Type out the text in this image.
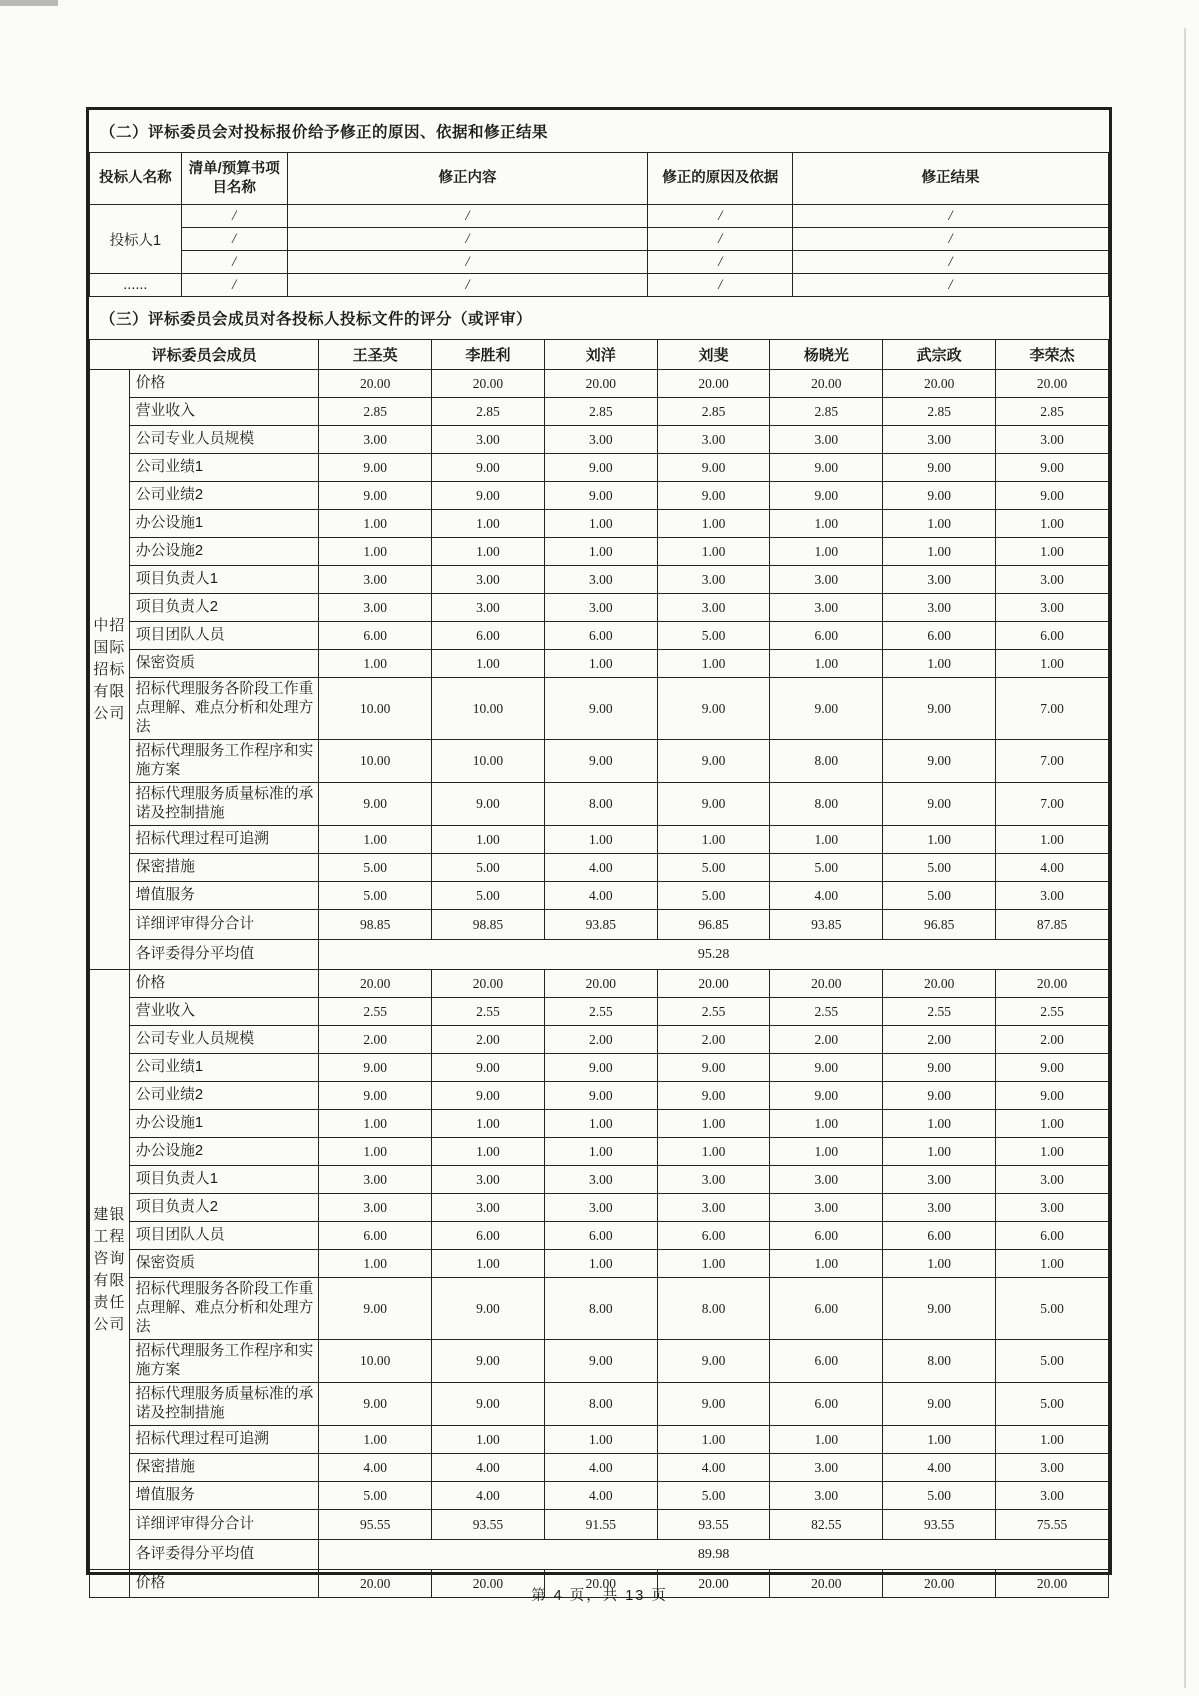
（二）评标委员会对投标报价给予修正的原因、依据和修正结果
投标人名称	清单/预算书项目名称	修正内容	修正的原因及依据	修正结果
投标人1	/	/	/	/
	/	/	/	/
	/	/	/	/
......	/	/	/	/
（三）评标委员会成员对各投标人投标文件的评分（或评审）
评标委员会成员		王圣英	李胜利	刘洋	刘斐	杨晓光	武宗政	李荣杰
中招国际招标有限公司	价格	20.00	20.00	20.00	20.00	20.00	20.00	20.00
	营业收入	2.85	2.85	2.85	2.85	2.85	2.85	2.85
	公司专业人员规模	3.00	3.00	3.00	3.00	3.00	3.00	3.00
	公司业绩1	9.00	9.00	9.00	9.00	9.00	9.00	9.00
	公司业绩2	9.00	9.00	9.00	9.00	9.00	9.00	9.00
	办公设施1	1.00	1.00	1.00	1.00	1.00	1.00	1.00
	办公设施2	1.00	1.00	1.00	1.00	1.00	1.00	1.00
	项目负责人1	3.00	3.00	3.00	3.00	3.00	3.00	3.00
	项目负责人2	3.00	3.00	3.00	3.00	3.00	3.00	3.00
	项目团队人员	6.00	6.00	6.00	5.00	6.00	6.00	6.00
	保密资质	1.00	1.00	1.00	1.00	1.00	1.00	1.00
	招标代理服务各阶段工作重点理解、难点分析和处理方法	10.00	10.00	9.00	9.00	9.00	9.00	7.00
	招标代理服务工作程序和实施方案	10.00	10.00	9.00	9.00	8.00	9.00	7.00
	招标代理服务质量标准的承诺及控制措施	9.00	9.00	8.00	9.00	8.00	9.00	7.00
	招标代理过程可追溯	1.00	1.00	1.00	1.00	1.00	1.00	1.00
	保密措施	5.00	5.00	4.00	5.00	5.00	5.00	4.00
	增值服务	5.00	5.00	4.00	5.00	4.00	5.00	3.00
	详细评审得分合计	98.85	98.85	93.85	96.85	93.85	96.85	87.85
	各评委得分平均值	95.28						
建银工程咨询有限责任公司	价格	20.00	20.00	20.00	20.00	20.00	20.00	20.00
	营业收入	2.55	2.55	2.55	2.55	2.55	2.55	2.55
	公司专业人员规模	2.00	2.00	2.00	2.00	2.00	2.00	2.00
	公司业绩1	9.00	9.00	9.00	9.00	9.00	9.00	9.00
	公司业绩2	9.00	9.00	9.00	9.00	9.00	9.00	9.00
	办公设施1	1.00	1.00	1.00	1.00	1.00	1.00	1.00
	办公设施2	1.00	1.00	1.00	1.00	1.00	1.00	1.00
	项目负责人1	3.00	3.00	3.00	3.00	3.00	3.00	3.00
	项目负责人2	3.00	3.00	3.00	3.00	3.00	3.00	3.00
	项目团队人员	6.00	6.00	6.00	6.00	6.00	6.00	6.00
	保密资质	1.00	1.00	1.00	1.00	1.00	1.00	1.00
	招标代理服务各阶段工作重点理解、难点分析和处理方法	9.00	9.00	8.00	8.00	6.00	9.00	5.00
	招标代理服务工作程序和实施方案	10.00	9.00	9.00	9.00	6.00	8.00	5.00
	招标代理服务质量标准的承诺及控制措施	9.00	9.00	8.00	9.00	6.00	9.00	5.00
	招标代理过程可追溯	1.00	1.00	1.00	1.00	1.00	1.00	1.00
	保密措施	4.00	4.00	4.00	4.00	3.00	4.00	3.00
	增值服务	5.00	4.00	4.00	5.00	3.00	5.00	3.00
	详细评审得分合计	95.55	93.55	91.55	93.55	82.55	93.55	75.55
	各评委得分平均值	89.98						
	价格	20.00	20.00	20.00	20.00	20.00	20.00	20.00
第 4 页，共 13 页
